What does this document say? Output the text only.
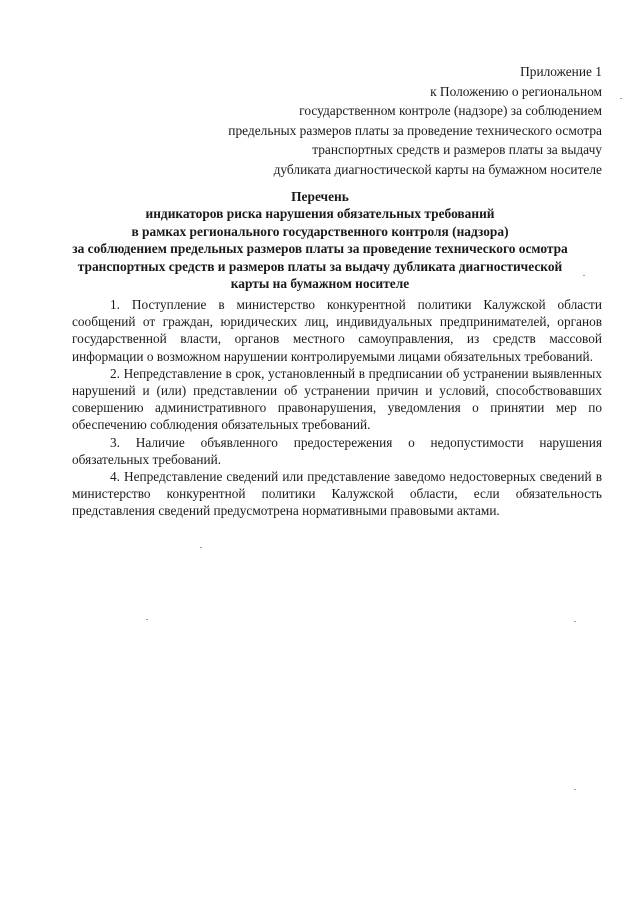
Приложение 1
к Положению о региональном
государственном контроле (надзоре) за соблюдением
предельных размеров платы за проведение технического осмотра
транспортных средств и размеров платы за выдачу
дубликата диагностической карты на бумажном носителе
Перечень
индикаторов риска нарушения обязательных требований
в рамках регионального государственного контроля (надзора)
за соблюдением предельных размеров платы за проведение технического осмотра
транспортных средств и размеров платы за выдачу дубликата диагностической
карты на бумажном носителе

1. Поступление в министерство конкурентной политики Калужской области сообщений от граждан, юридических лиц, индивидуальных предпринимателей, органов государственной власти, органов местного самоуправления, из средств массовой информации о возможном нарушении контролируемыми лицами обязательных требований.

2. Непредставление в срок, установленный в предписании об устранении выявленных нарушений и (или) представлении об устранении причин и условий, способствовавших совершению административного правонарушения, уведомления о принятии мер по обеспечению соблюдения обязательных требований.

3. Наличие объявленного предостережения о недопустимости нарушения обязательных требований.

4. Непредставление сведений или представление заведомо недостоверных сведений в министерство конкурентной политики Калужской области, если обязательность представления сведений предусмотрена нормативными правовыми актами.
